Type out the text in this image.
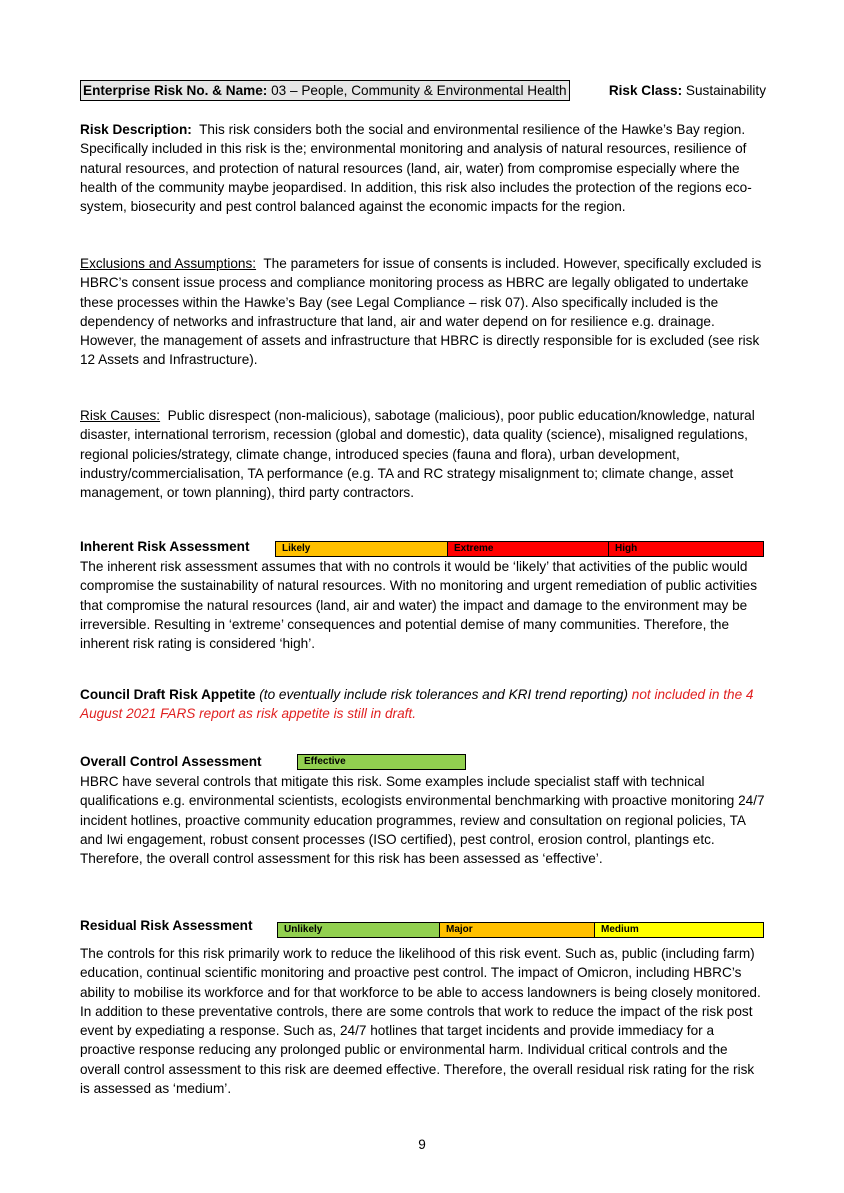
Enterprise Risk No. & Name: 03 – People, Community & Environmental Health	Risk Class: Sustainability
Risk Description: This risk considers both the social and environmental resilience of the Hawke’s Bay region. Specifically included in this risk is the; environmental monitoring and analysis of natural resources, resilience of natural resources, and protection of natural resources (land, air, water) from compromise especially where the health of the community maybe jeopardised. In addition, this risk also includes the protection of the regions eco-system, biosecurity and pest control balanced against the economic impacts for the region.
Exclusions and Assumptions: The parameters for issue of consents is included. However, specifically excluded is HBRC’s consent issue process and compliance monitoring process as HBRC are legally obligated to undertake these processes within the Hawke’s Bay (see Legal Compliance – risk 07). Also specifically included is the dependency of networks and infrastructure that land, air and water depend on for resilience e.g. drainage. However, the management of assets and infrastructure that HBRC is directly responsible for is excluded (see risk 12 Assets and Infrastructure).
Risk Causes: Public disrespect (non-malicious), sabotage (malicious), poor public education/knowledge, natural disaster, international terrorism, recession (global and domestic), data quality (science), misaligned regulations, regional policies/strategy, climate change, introduced species (fauna and flora), urban development, industry/commercialisation, TA performance (e.g. TA and RC strategy misalignment to; climate change, asset management, or town planning), third party contractors.
Inherent Risk Assessment	Likely	Extreme	High
The inherent risk assessment assumes that with no controls it would be ‘likely’ that activities of the public would compromise the sustainability of natural resources. With no monitoring and urgent remediation of public activities that compromise the natural resources (land, air and water) the impact and damage to the environment may be irreversible. Resulting in ‘extreme’ consequences and potential demise of many communities. Therefore, the inherent risk rating is considered ‘high’.
Council Draft Risk Appetite (to eventually include risk tolerances and KRI trend reporting) not included in the 4 August 2021 FARS report as risk appetite is still in draft.
Overall Control Assessment	Effective
HBRC have several controls that mitigate this risk. Some examples include specialist staff with technical qualifications e.g. environmental scientists, ecologists environmental benchmarking with proactive monitoring 24/7 incident hotlines, proactive community education programmes, review and consultation on regional policies, TA and Iwi engagement, robust consent processes (ISO certified), pest control, erosion control, plantings etc. Therefore, the overall control assessment for this risk has been assessed as ‘effective’.
Residual Risk Assessment	Unlikely	Major	Medium
The controls for this risk primarily work to reduce the likelihood of this risk event. Such as, public (including farm) education, continual scientific monitoring and proactive pest control. The impact of Omicron, including HBRC’s ability to mobilise its workforce and for that workforce to be able to access landowners is being closely monitored. In addition to these preventative controls, there are some controls that work to reduce the impact of the risk post event by expediating a response. Such as, 24/7 hotlines that target incidents and provide immediacy for a proactive response reducing any prolonged public or environmental harm. Individual critical controls and the overall control assessment to this risk are deemed effective. Therefore, the overall residual risk rating for the risk is assessed as ‘medium’.
9
